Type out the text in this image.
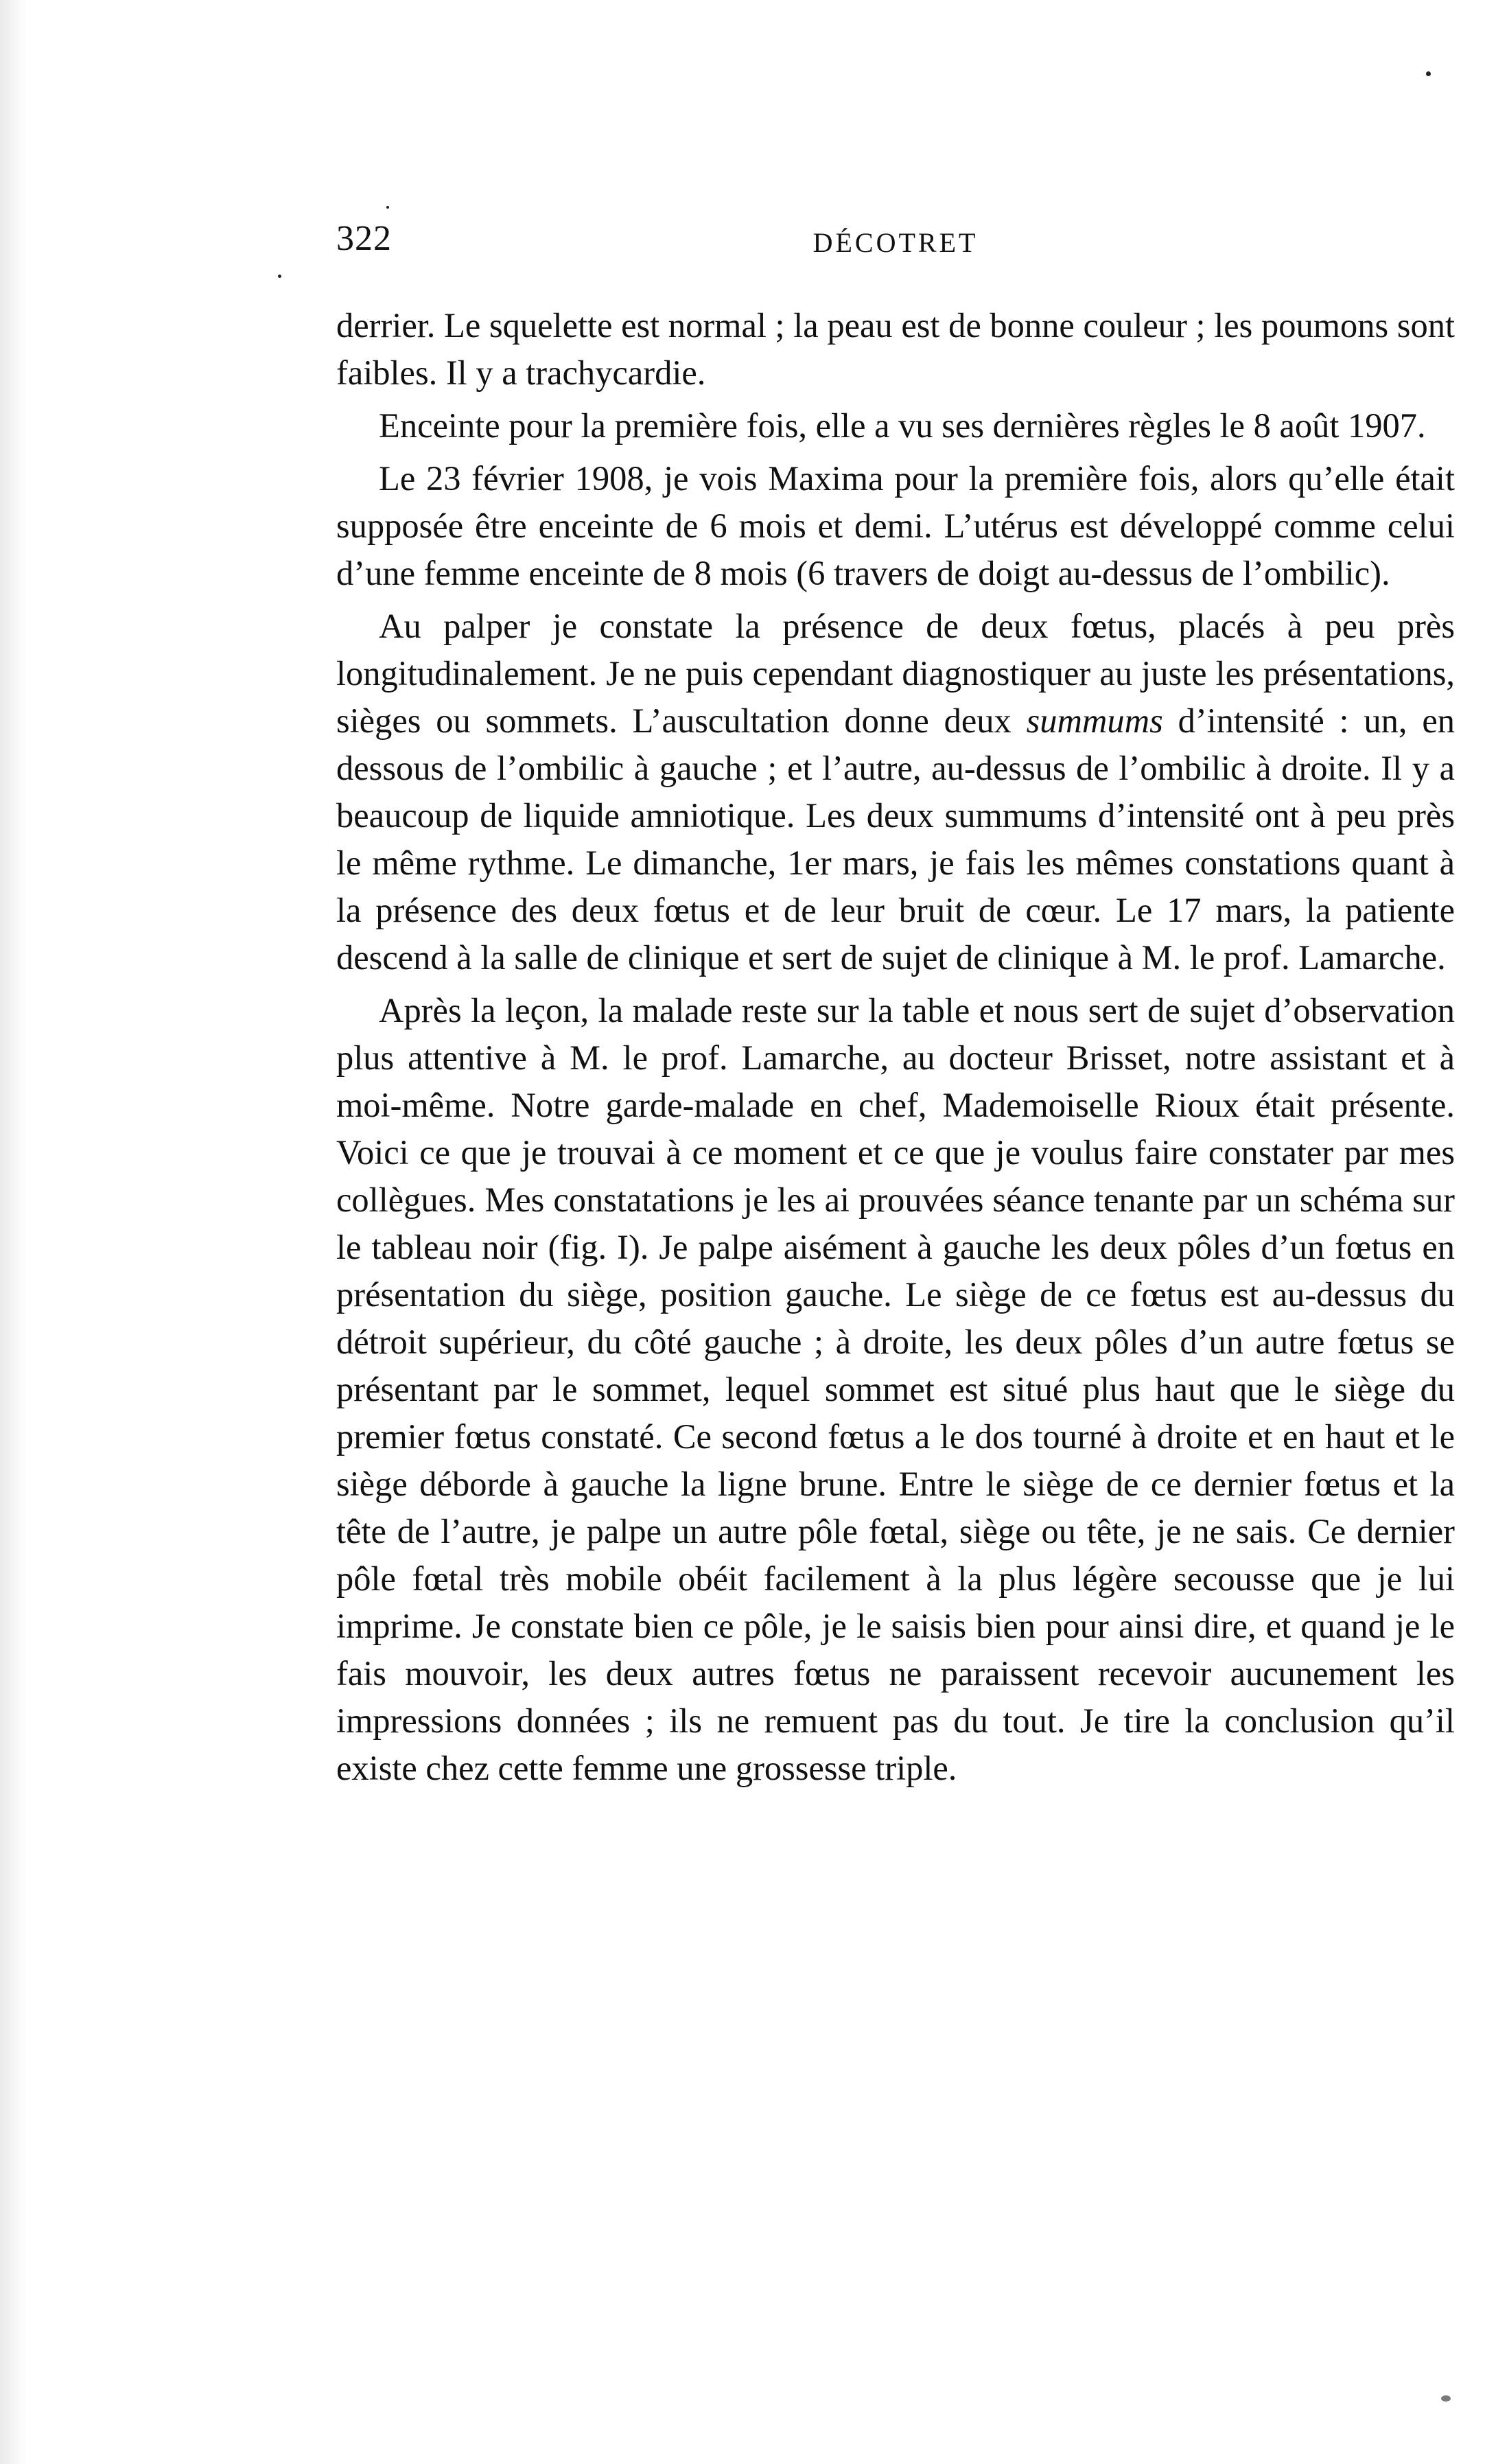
322	DÉCOTRET

derrier. Le squelette est normal ; la peau est de bonne couleur ; les poumons sont faibles. Il y a trachycardie.

Enceinte pour la première fois, elle a vu ses dernières règles le 8 août 1907.

Le 23 février 1908, je vois Maxima pour la première fois, alors qu’elle était supposée être enceinte de 6 mois et demi. L’utérus est développé comme celui d’une femme enceinte de 8 mois (6 travers de doigt au-dessus de l’ombilic).

Au palper je constate la présence de deux fœtus, placés à peu près longitudinalement. Je ne puis cependant diagnostiquer au juste les présentations, sièges ou sommets. L’auscultation donne deux summums d’intensité : un, en dessous de l’ombilic à gauche ; et l’autre, au-dessus de l’ombilic à droite. Il y a beaucoup de liquide amniotique. Les deux summums d’intensité ont à peu près le même rythme. Le dimanche, 1er mars, je fais les mêmes constations quant à la présence des deux fœtus et de leur bruit de cœur. Le 17 mars, la patiente descend à la salle de clinique et sert de sujet de clinique à M. le prof. Lamarche.

Après la leçon, la malade reste sur la table et nous sert de sujet d’observation plus attentive à M. le prof. Lamarche, au docteur Brisset, notre assistant et à moi-même. Notre garde-malade en chef, Mademoiselle Rioux était présente. Voici ce que je trouvai à ce moment et ce que je voulus faire constater par mes collègues. Mes constatations je les ai prouvées séance tenante par un schéma sur le tableau noir (fig. I). Je palpe aisément à gauche les deux pôles d’un fœtus en présentation du siège, position gauche. Le siège de ce fœtus est au-dessus du détroit supérieur, du côté gauche ; à droite, les deux pôles d’un autre fœtus se présentant par le sommet, lequel sommet est situé plus haut que le siège du premier fœtus constaté. Ce second fœtus a le dos tourné à droite et en haut et le siège déborde à gauche la ligne brune. Entre le siège de ce dernier fœtus et la tête de l’autre, je palpe un autre pôle fœtal, siège ou tête, je ne sais. Ce dernier pôle fœtal très mobile obéit facilement à la plus légère secousse que je lui imprime. Je constate bien ce pôle, je le saisis bien pour ainsi dire, et quand je le fais mouvoir, les deux autres fœtus ne paraissent recevoir aucunement les impressions données ; ils ne remuent pas du tout. Je tire la conclusion qu’il existe chez cette femme une grossesse triple.
